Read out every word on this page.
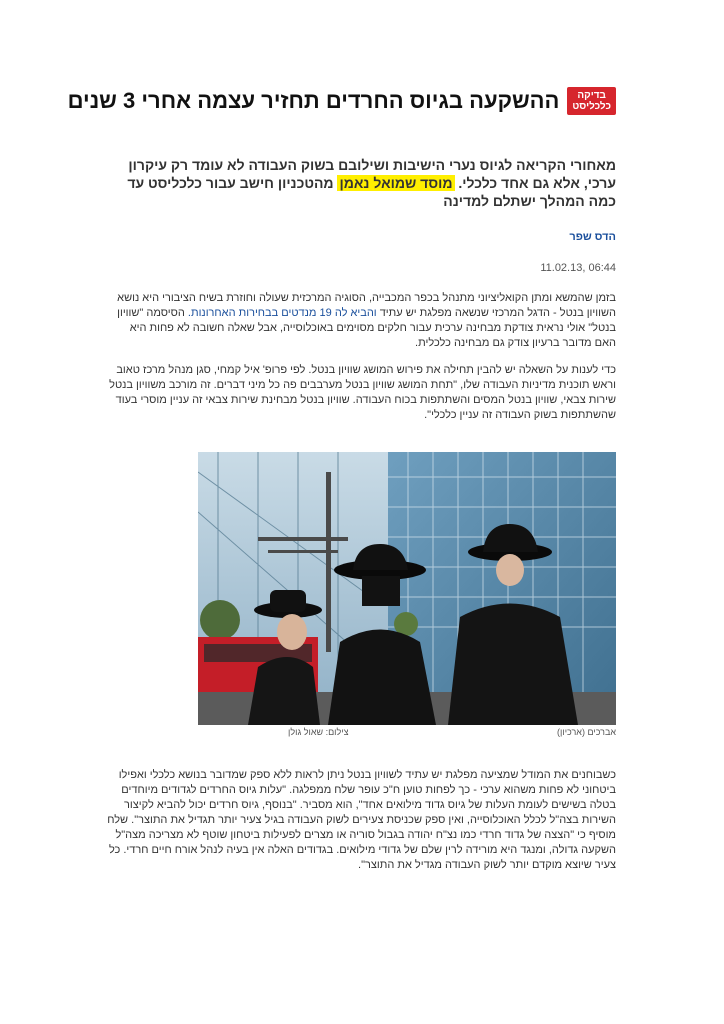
בדיקה
כלכליסט
ההשקעה בגיוס החרדים תחזיר עצמה אחרי 3 שנים
מאחורי הקריאה לגיוס נערי הישיבות ושילובם בשוק העבודה לא עומד רק עיקרון ערכי, אלא גם אחד כלכלי. מוסד שמואל נאמן מהטכניון חישב עבור כלכליסט עד כמה המהלך ישתלם למדינה
הדס שפר
11.02.13, 06:44
בזמן שהמשא ומתן הקואליציוני מתנהל בכפר המכבייה, הסוגיה המרכזית שעולה וחוזרת בשיח הציבורי היא נושא השוויון בנטל - הדגל המרכזי שנשאה מפלגת יש עתיד והביא לה 19 מנדטים בבחירות האחרונות. הסיסמה "שוויון בנטל" אולי נראית צודקת מבחינה ערכית עבור חלקים מסוימים באוכלוסייה, אבל שאלה חשובה לא פחות היא האם מדובר ברעיון צודק גם מבחינה כלכלית.
כדי לענות על השאלה יש להבין תחילה את פירוש המושג שוויון בנטל. לפי פרופ' איל קמחי, סגן מנהל מרכז טאוב וראש תוכנית מדיניות העבודה שלו, "תחת המושג שוויון בנטל מערבבים פה כל מיני דברים. זה מורכב משוויון בנטל שירות צבאי, שוויון בנטל המסים והשתתפות בכוח העבודה. שוויון בנטל מבחינת שירות צבאי זה עניין מוסרי בעוד שהשתתפות בשוק העבודה זה עניין כלכלי".
אברכים (ארכיון)
צילום: שאול גולן
כשבוחנים את המודל שמציעה מפלגת יש עתיד לשוויון בנטל ניתן לראות ללא ספק שמדובר בנושא כלכלי ואפילו ביטחוני לא פחות משהוא ערכי - כך לפחות טוען ח"כ עופר שלח ממפלגה. "עלות גיוס החרדים לגדודים מיוחדים בטלה בשישים לעומת העלות של גיוס גדוד מילואים אחד", הוא מסביר. "בנוסף, גיוס חרדים יכול להביא לקיצור השירות בצה"ל לכלל האוכלוסייה, ואין ספק שכניסת צעירים לשוק העבודה בגיל צעיר יותר תגדיל את התוצר". שלח מוסיף כי "הצצה של גדוד חרדי כמו נצ"ח יהודה בגבול סוריה או מצרים לפעילות ביטחון שוטף לא מצריכה מצה"ל השקעה גדולה, ומנגד היא מורידה לרין שלם של גדודי מילואים. בגדודים האלה אין בעיה לנהל אורח חיים חרדי. כל צעיר שיוצא מוקדם יותר לשוק העבודה מגדיל את התוצר".
